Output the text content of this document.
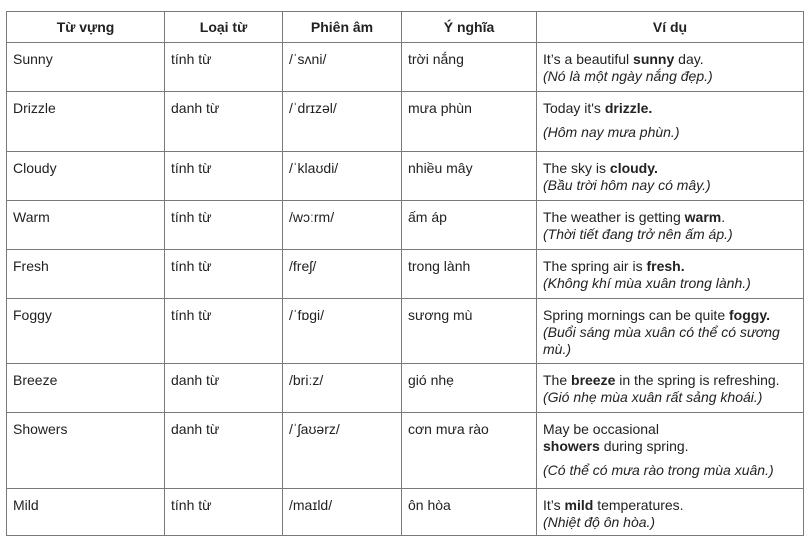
Từ vựng	Loại từ	Phiên âm	Ý nghĩa	Ví dụ
Sunny	tính từ	/ˈsʌni/	trời nắng	It’s a beautiful sunny day.
(Nó là một ngày nắng đẹp.)
Drizzle	danh từ	/ˈdrɪzəl/	mưa phùn	Today it's drizzle.
(Hôm nay mưa phùn.)

Cloudy	tính từ	/ˈklaʊdi/	nhiều mây	The sky is cloudy.
(Bầu trời hôm nay có mây.)
Warm	tính từ	/wɔːrm/	ấm áp	The weather is getting warm.
(Thời tiết đang trở nên ấm áp.)
Fresh	tính từ	/freʃ/	trong lành	The spring air is fresh.
(Không khí mùa xuân trong lành.)
Foggy	tính từ	/ˈfɒgi/	sương mù	Spring mornings can be quite foggy.
(Buổi sáng mùa xuân có thể có sương mù.)
Breeze	danh từ	/briːz/	gió nhẹ	The breeze in the spring is refreshing.
(Gió nhẹ mùa xuân rất sảng khoái.)
Showers	danh từ	/ˈʃaʊərz/	cơn mưa rào	May be occasional
showers during spring.
(Có thể có mưa rào trong mùa xuân.)

Mild	tính từ	/maɪld/	ôn hòa	It’s mild temperatures.
(Nhiệt độ ôn hòa.)
